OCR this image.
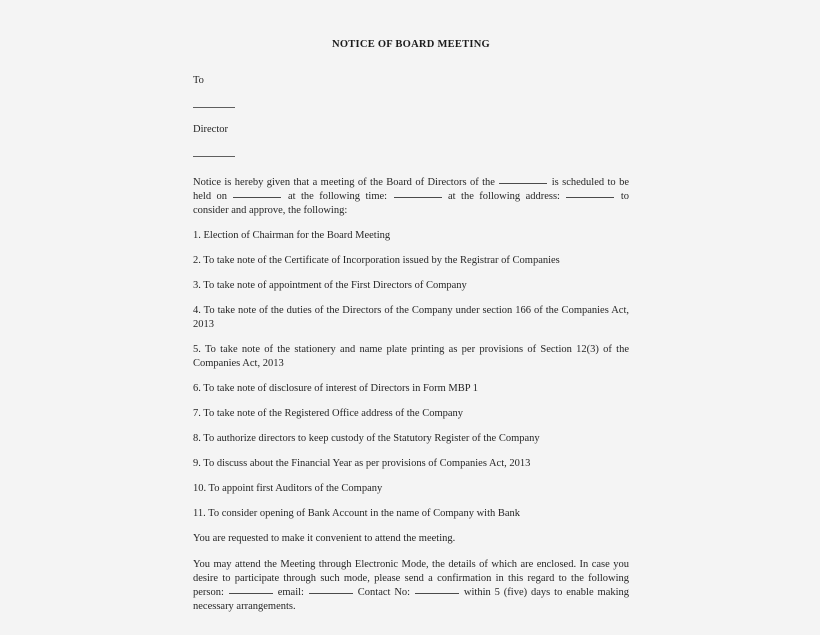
NOTICE OF BOARD MEETING
To
Director
Notice is hereby given that a meeting of the Board of Directors of the	is scheduled to be held on	at the following time:	at the following address:	to consider and approve, the following:
1. Election of Chairman for the Board Meeting
2. To take note of the Certificate of Incorporation issued by the Registrar of Companies
3. To take note of appointment of the First Directors of Company
4. To take note of the duties of the Directors of the Company under section 166 of the Companies Act, 2013
5. To take note of the stationery and name plate printing as per provisions of Section 12(3) of the Companies Act, 2013
6. To take note of disclosure of interest of Directors in Form MBP 1
7. To take note of the Registered Office address of the Company
8. To authorize directors to keep custody of the Statutory Register of the Company
9. To discuss about the Financial Year as per provisions of Companies Act, 2013
10. To appoint first Auditors of the Company
11. To consider opening of Bank Account in the name of Company with Bank
You are requested to make it convenient to attend the meeting.
You may attend the Meeting through Electronic Mode, the details of which are enclosed. In case you desire to participate through such mode, please send a confirmation in this regard to the following person:	email:	Contact No:	within 5 (five) days to enable making necessary arrangements.
